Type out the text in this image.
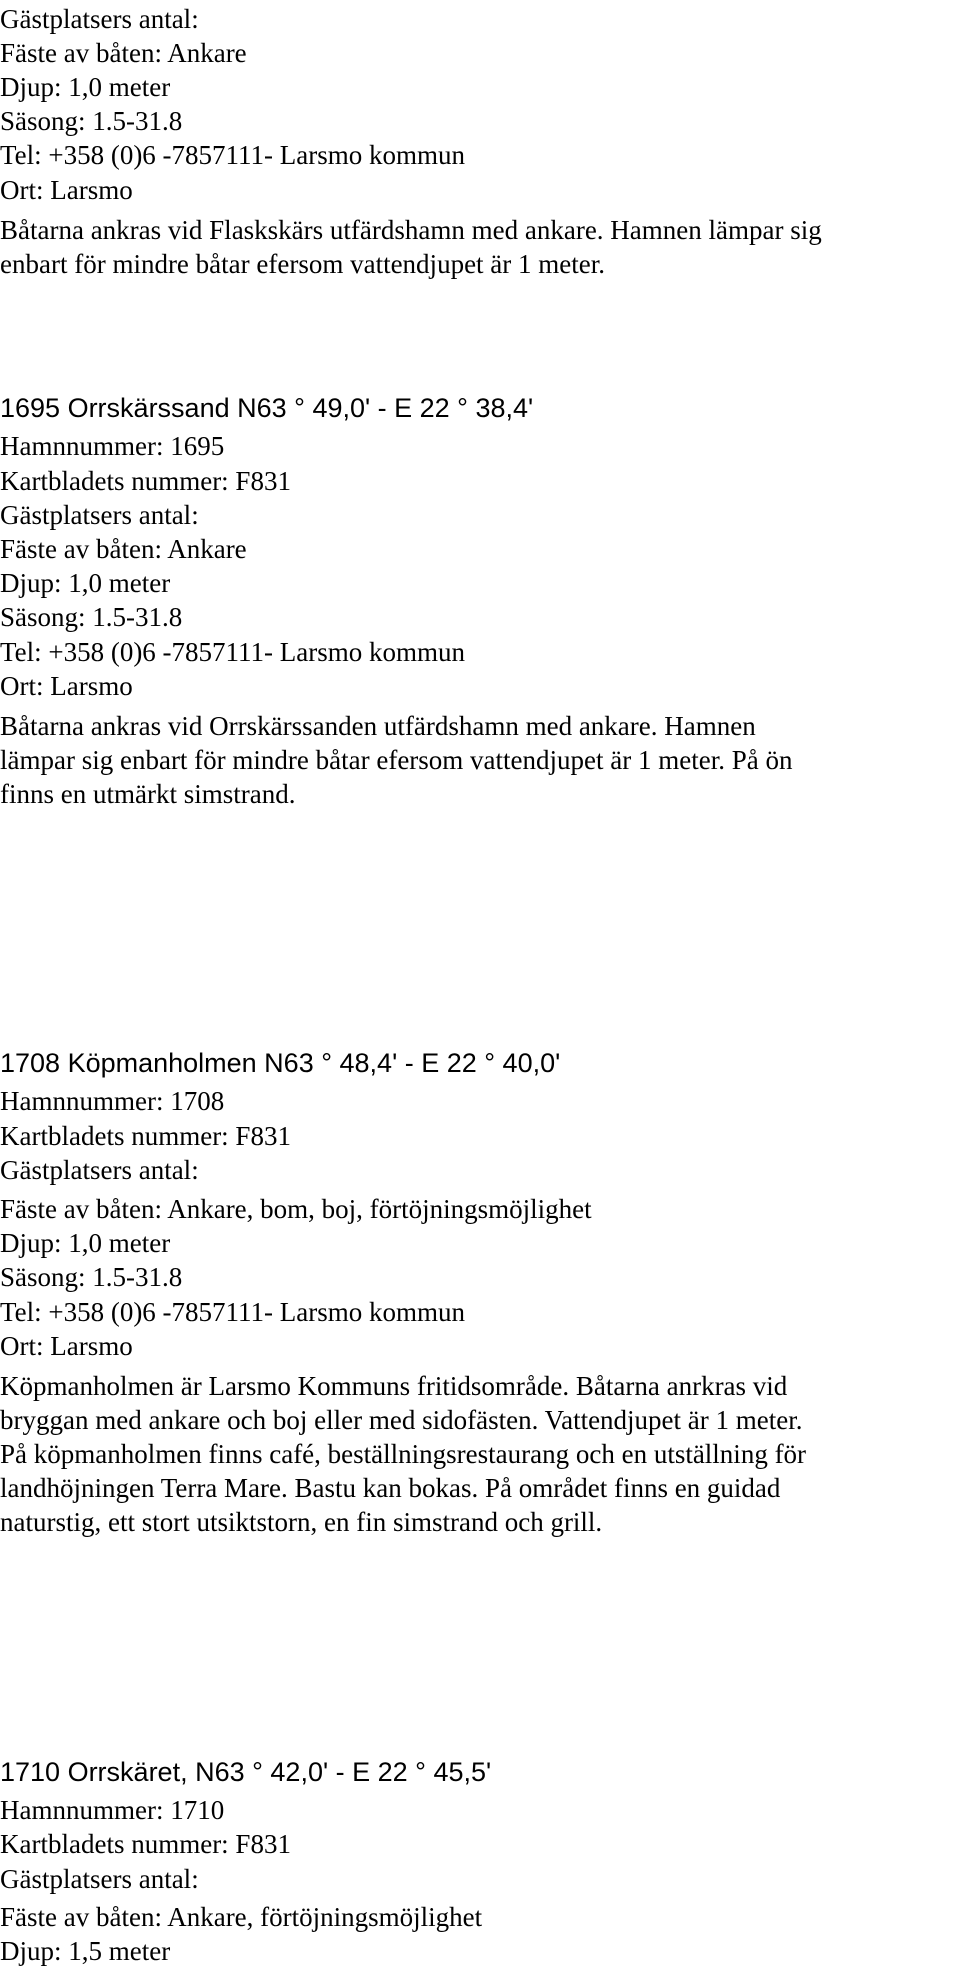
Gästplatsers antal:
Fäste av båten: Ankare
Djup: 1,0 meter
Säsong: 1.5-31.8
Tel: +358 (0)6 -7857111- Larsmo kommun
Ort: Larsmo
Båtarna ankras vid Flaskskärs utfärdshamn med ankare. Hamnen lämpar sig
enbart för mindre båtar efersom vattendjupet är 1 meter.
1695 Orrskärssand N63 ° 49,0' - E 22 ° 38,4'
Hamnnummer: 1695
Kartbladets nummer: F831
Gästplatsers antal:
Fäste av båten: Ankare
Djup: 1,0 meter
Säsong: 1.5-31.8
Tel: +358 (0)6 -7857111- Larsmo kommun
Ort: Larsmo
Båtarna ankras vid Orrskärssanden utfärdshamn med ankare. Hamnen
lämpar sig enbart för mindre båtar efersom vattendjupet är 1 meter. På ön
finns en utmärkt simstrand.
1708 Köpmanholmen N63 ° 48,4' - E 22 ° 40,0'
Hamnnummer: 1708
Kartbladets nummer: F831
Gästplatsers antal:
Fäste av båten: Ankare, bom, boj, förtöjningsmöjlighet
Djup: 1,0 meter
Säsong: 1.5-31.8
Tel: +358 (0)6 -7857111- Larsmo kommun
Ort: Larsmo
Köpmanholmen är Larsmo Kommuns fritidsområde. Båtarna anrkras vid
bryggan med ankare och boj eller med sidofästen. Vattendjupet är 1 meter.
På köpmanholmen finns café, beställningsrestaurang och en utställning för
landhöjningen Terra Mare. Bastu kan bokas. På området finns en guidad
naturstig, ett stort utsiktstorn, en fin simstrand och grill.
1710 Orrskäret, N63 ° 42,0' - E 22 ° 45,5'
Hamnnummer: 1710
Kartbladets nummer: F831
Gästplatsers antal:
Fäste av båten: Ankare, förtöjningsmöjlighet
Djup: 1,5 meter
